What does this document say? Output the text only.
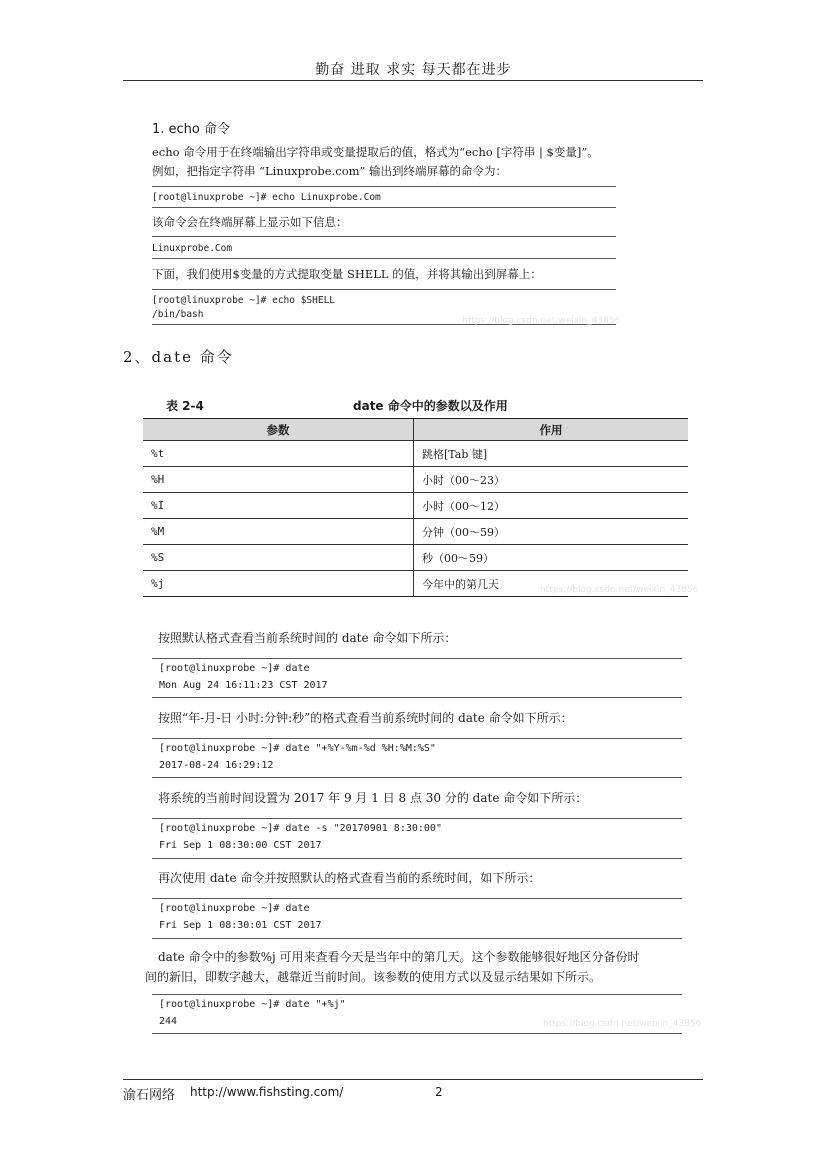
勤奋 进取 求实 每天都在进步
1. echo 命令
echo 命令用于在终端输出字符串或变量提取后的值，格式为“echo [字符串 | $变量]”。
例如，把指定字符串 “Linuxprobe.com” 输出到终端屏幕的命令为：
[root@linuxprobe ~]# echo Linuxprobe.Com
该命令会在终端屏幕上显示如下信息：
Linuxprobe.Com
下面，我们使用$变量的方式提取变量 SHELL 的值，并将其输出到屏幕上：
[root@linuxprobe ~]# echo $SHELL
/bin/bash
https://blog.csdn.net/weixin_43856
2、date 命令
表 2-4	date 命令中的参数以及作用
参数	作用
%t	跳格[Tab 键]
%H	小时（00～23）
%I	小时（00～12）
%M	分钟（00～59）
%S	秒（00～59）
%j	今年中的第几天	https://blog.csdn.net/weixin_43856
按照默认格式查看当前系统时间的 date 命令如下所示：
[root@linuxprobe ~]# date
Mon Aug 24 16:11:23 CST 2017
按照“年-月-日 小时:分钟:秒”的格式查看当前系统时间的 date 命令如下所示：
[root@linuxprobe ~]# date "+%Y-%m-%d %H:%M:%S"
2017-08-24 16:29:12
将系统的当前时间设置为 2017 年 9 月 1 日 8 点 30 分的 date 命令如下所示：
[root@linuxprobe ~]# date -s "20170901 8:30:00"
Fri Sep 1 08:30:00 CST 2017
再次使用 date 命令并按照默认的格式查看当前的系统时间，如下所示：
[root@linuxprobe ~]# date
Fri Sep 1 08:30:01 CST 2017
date 命令中的参数%j 可用来查看今天是当年中的第几天。这个参数能够很好地区分备份时
间的新旧，即数字越大，越靠近当前时间。该参数的使用方式以及显示结果如下所示。
[root@linuxprobe ~]# date "+%j"
244	https://blog.csdn.net/weixin_43856
渝石网络 http://www.fishsting.com/	2
